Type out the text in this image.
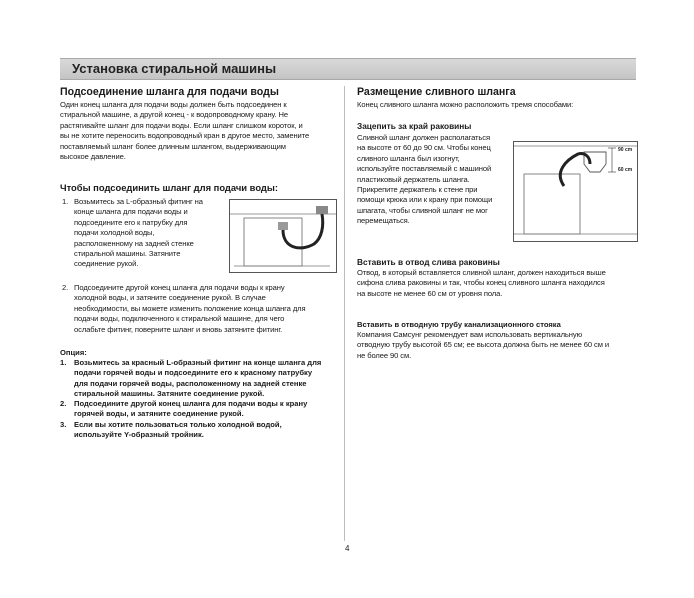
Установка стиральной машины
Подсоединение шланга для подачи воды
Один конец шланга для подачи воды должен быть подсоединен к
стиральной машине, а другой конец - к водопроводному крану. Не
растягивайте шланг для подачи воды. Если шланг слишком короток, и
вы не хотите переносить водопроводный кран в другое место, замените
поставляемый шланг более длинным шлангом, выдерживающим
высокое давление.
Чтобы подсоединить шланг для подачи воды:
1. Возьмитесь за L-образный фитинг на
конце шланга для подачи воды и
подсоедините его к патрубку для
подачи холодной воды,
расположенному на задней стенке
стиральной машины. Затяните
соединение рукой.
2. Подсоедините другой конец шланга для подачи воды к крану
холодной воды, и затяните соединение рукой. В случае
необходимости, вы можете изменить положение конца шланга для
подачи воды, подключенного к стиральной машине, для чего
ослабьте фитинг, поверните шланг и вновь затяните фитинг.
Опция:
1. Возьмитесь за красный L-образный фитинг на конце шланга для
подачи горячей воды и подсоедините его к красному патрубку
для подачи горячей воды, расположенному на задней стенке
стиральной машины. Затяните соединение рукой.
2. Подсоедините другой конец шланга для подачи воды к крану
горячей воды, и затяните соединение рукой.
3. Если вы хотите пользоваться только холодной водой,
используйте Y-образный тройник.
Размещение сливного шланга
Конец сливного шланга можно расположить тремя способами:
Зацепить за край раковины
Сливной шланг должен располагаться
на высоте от 60 до 90 см. Чтобы конец
сливного шланга был изогнут,
используйте поставляемый с машиной
пластиковый держатель шланга.
Прикрепите держатель к стене при
помощи крюка или к крану при помощи
шпагата, чтобы сливной шланг не мог
перемещаться.
90 cm
60 cm
Вставить в отвод слива раковины
Отвод, в который вставляется сливной шланг, должен находиться выше
сифона слива раковины и так, чтобы конец сливного шланга находился
на высоте не менее 60 см от уровня пола.
Вставить в отводную трубу канализационного стояка
Компания Самсунг рекомендует вам использовать вертикальную
отводную трубу высотой 65 см; ее высота должна быть не менее 60 см и
не более 90 см.
4
